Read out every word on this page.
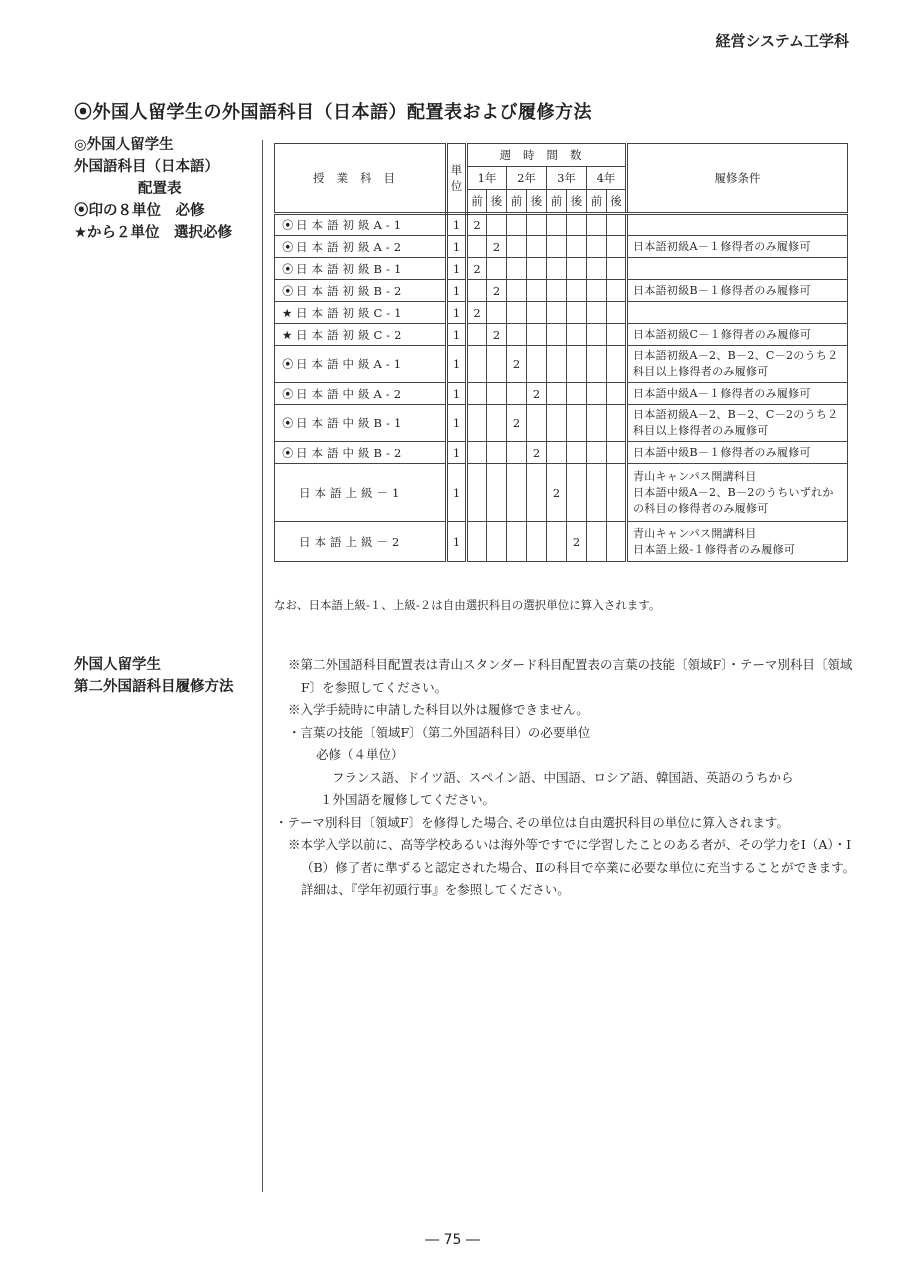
経営システム工学科
⦿外国人留学生の外国語科目（日本語）配置表および履修方法
◎外国人留学生
外国語科目（日本語）
配置表
⦿印の８単位　必修
★から２単位　選択必修
授業科目	単位	週時間数								履修条件
		1年		2年		3年		4年		
		前	後	前	後	前	後	前	後	
⦿ 日本語初級A-1	1	2								
⦿ 日本語初級A-2	1		2							日本語初級A－１修得者のみ履修可
⦿ 日本語初級B-1	1	2								
⦿ 日本語初級B-2	1		2							日本語初級B－１修得者のみ履修可
★ 日本語初級C-1	1	2								
★ 日本語初級C-2	1		2							日本語初級C－１修得者のみ履修可
⦿ 日本語中級A-1	1			2						日本語初級A－2、B－2、C－2のうち２科目以上修得者のみ履修可
⦿ 日本語中級A-2	1				2					日本語中級A－１修得者のみ履修可
⦿ 日本語中級B-1	1			2						日本語初級A－2、B－2、C－2のうち２科目以上修得者のみ履修可
⦿ 日本語中級B-2	1				2					日本語中級B－１修得者のみ履修可
日本語上級－1	1					2				青山キャンパス開講科目
日本語中級A－2、B－2のうちいずれかの科目の修得者のみ履修可
日本語上級－2	1						2			青山キャンパス開講科目
日本語上級-１修得者のみ履修可
なお、日本語上級-１、上級-２は自由選択科目の選択単位に算入されます。
外国人留学生
第二外国語科目履修方法

※第二外国語科目配置表は青山スタンダード科目配置表の言葉の技能〔領域F〕・テーマ別科目〔領域F〕を参照してください。

※入学手続時に申請した科目以外は履修できません。

・言葉の技能〔領域F〕（第二外国語科目）の必要単位

必修（４単位）

フランス語、ドイツ語、スペイン語、中国語、ロシア語、韓国語、英語のうちから

１外国語を履修してください。

・テーマ別科目〔領域F〕を修得した場合､その単位は自由選択科目の単位に算入されます。

※本学入学以前に、高等学校あるいは海外等ですでに学習したことのある者が、その学力をⅠ（A）・Ⅰ（B）修了者に準ずると認定された場合、Ⅱの科目で卒業に必要な単位に充当することができます。詳細は、『学年初頭行事』を参照してください。

― 75 ―
